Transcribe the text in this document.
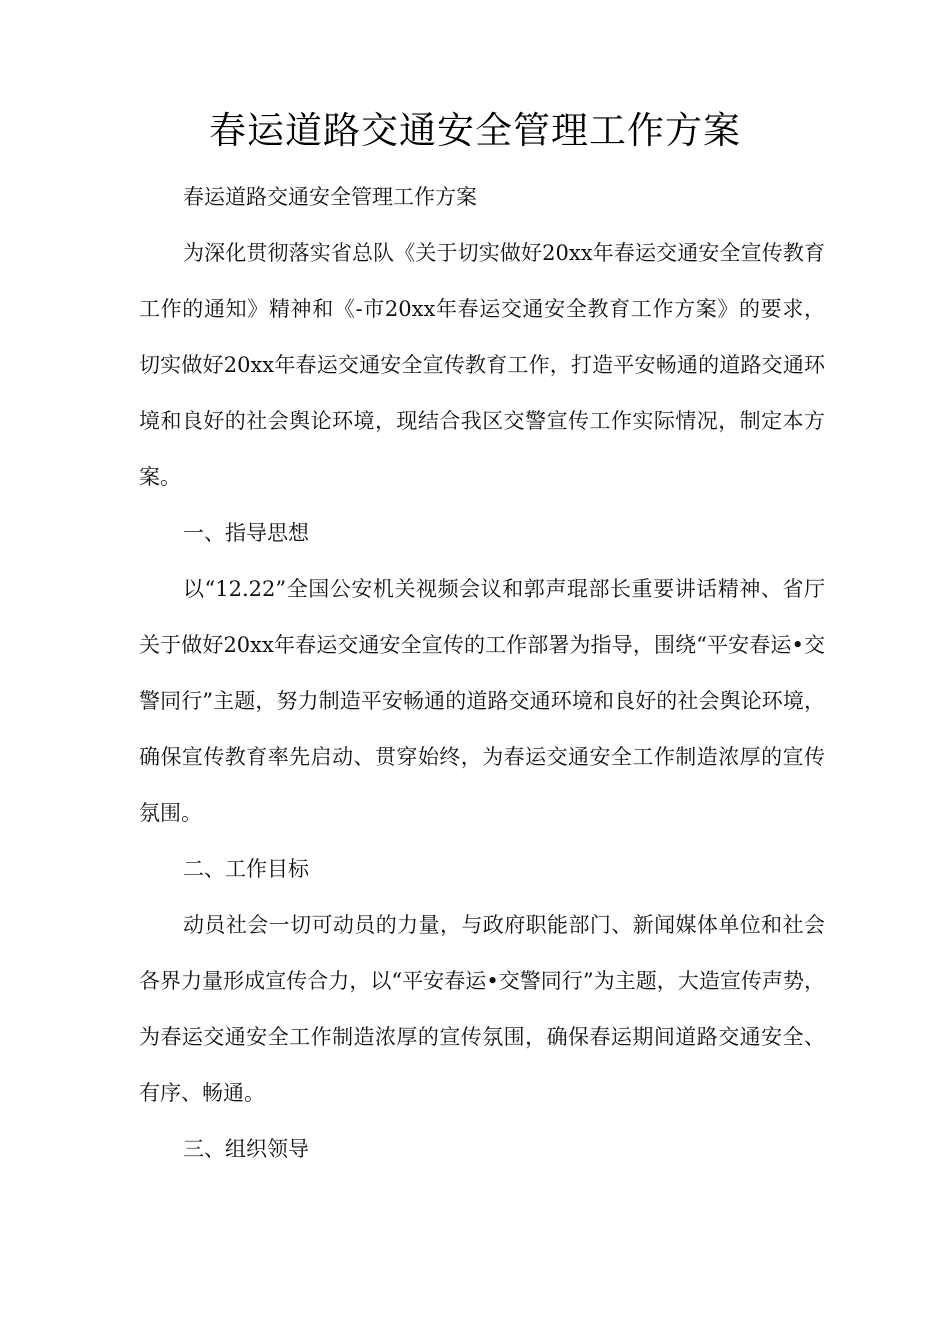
春运道路交通安全管理工作方案

春运道路交通安全管理工作方案

为深化贯彻落实省总队《关于切实做好20xx年春运交通安全宣传教育工作的通知》精神和《-市20xx年春运交通安全教育工作方案》的要求，切实做好20xx年春运交通安全宣传教育工作，打造平安畅通的道路交通环境和良好的社会舆论环境，现结合我区交警宣传工作实际情况，制定本方案。

一、指导思想

以“12.22”全国公安机关视频会议和郭声琨部长重要讲话精神、省厅关于做好20xx年春运交通安全宣传的工作部署为指导，围绕“平安春运•交警同行”主题，努力制造平安畅通的道路交通环境和良好的社会舆论环境，确保宣传教育率先启动、贯穿始终，为春运交通安全工作制造浓厚的宣传氛围。

二、工作目标

动员社会一切可动员的力量，与政府职能部门、新闻媒体单位和社会各界力量形成宣传合力，以“平安春运•交警同行”为主题，大造宣传声势，为春运交通安全工作制造浓厚的宣传氛围，确保春运期间道路交通安全、有序、畅通。

三、组织领导
